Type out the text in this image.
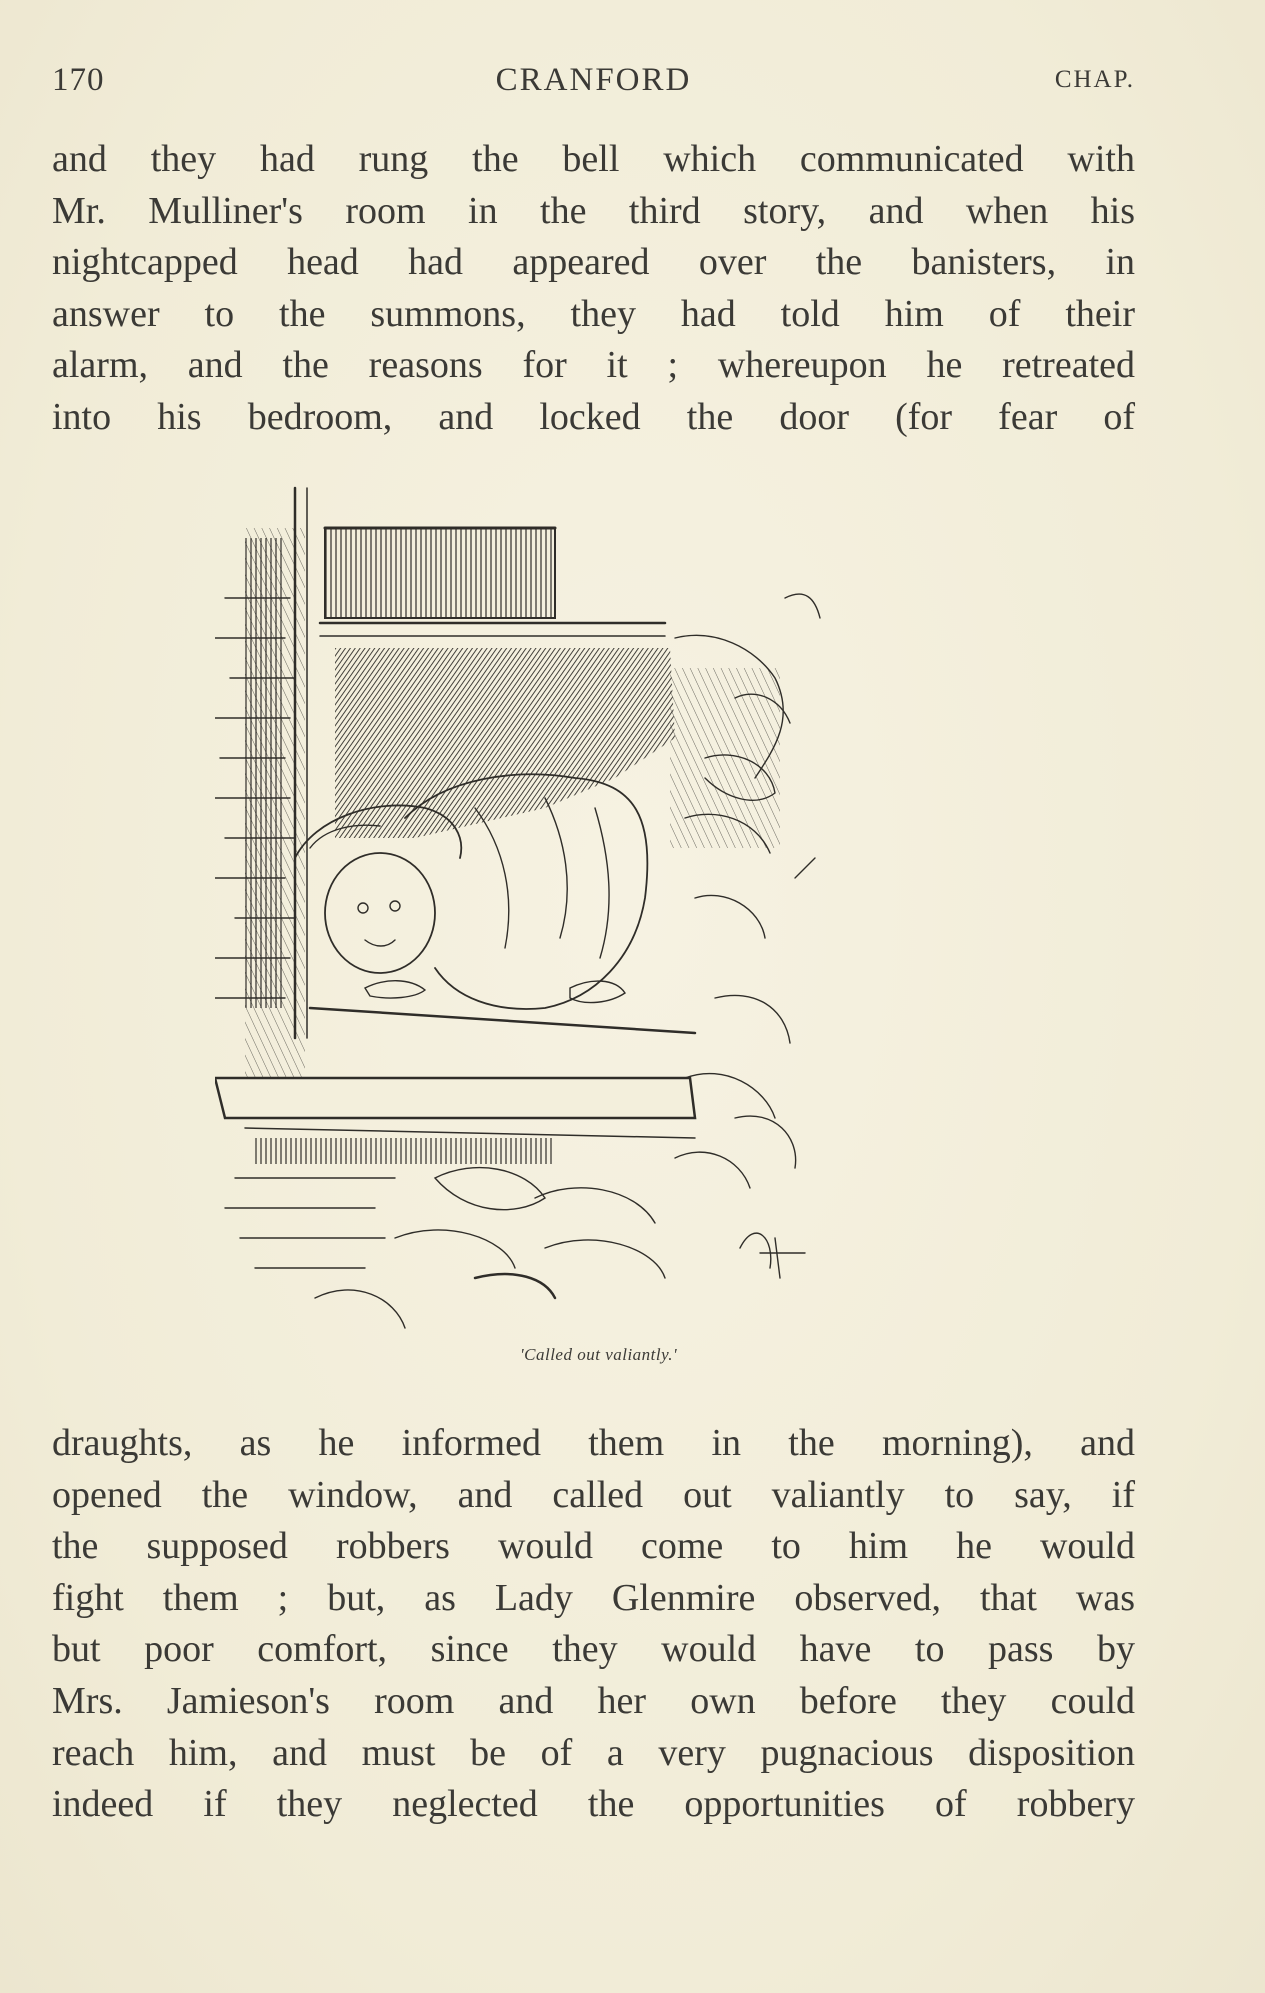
170	CRANFORD	CHAP.
and they had rung the bell which communicated with
Mr. Mulliner's room in the third story, and when his
nightcapped head had appeared over the banisters, in
answer to the summons, they had told him of their
alarm, and the reasons for it ; whereupon he retreated
into his bedroom, and locked the door (for fear of
'Called out valiantly.'
draughts, as he informed them in the morning), and
opened the window, and called out valiantly to say, if
the supposed robbers would come to him he would
fight them ; but, as Lady Glenmire observed, that was
but poor comfort, since they would have to pass by
Mrs. Jamieson's room and her own before they could
reach him, and must be of a very pugnacious disposition
indeed if they neglected the opportunities of robbery
